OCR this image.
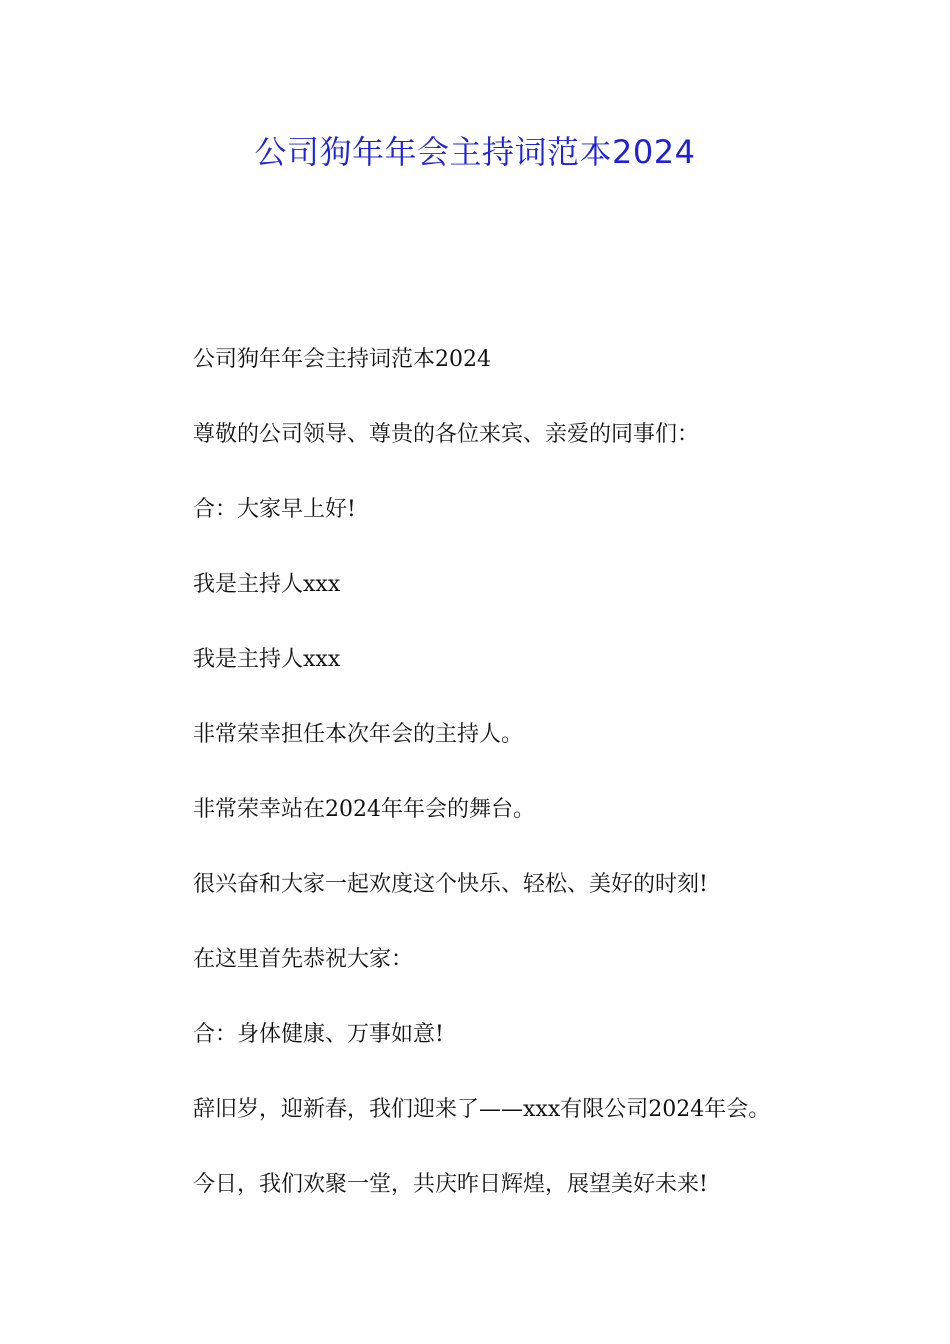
公司狗年年会主持词范本2024

公司狗年年会主持词范本2024

尊敬的公司领导、尊贵的各位来宾、亲爱的同事们：

合：大家早上好!

我是主持人xxx

我是主持人xxx

非常荣幸担任本次年会的主持人。

非常荣幸站在2024年年会的舞台。

很兴奋和大家一起欢度这个快乐、轻松、美好的时刻!

在这里首先恭祝大家：

合：身体健康、万事如意!

辞旧岁，迎新春，我们迎来了——xxx有限公司2024年会。

今日，我们欢聚一堂，共庆昨日辉煌，展望美好未来!
